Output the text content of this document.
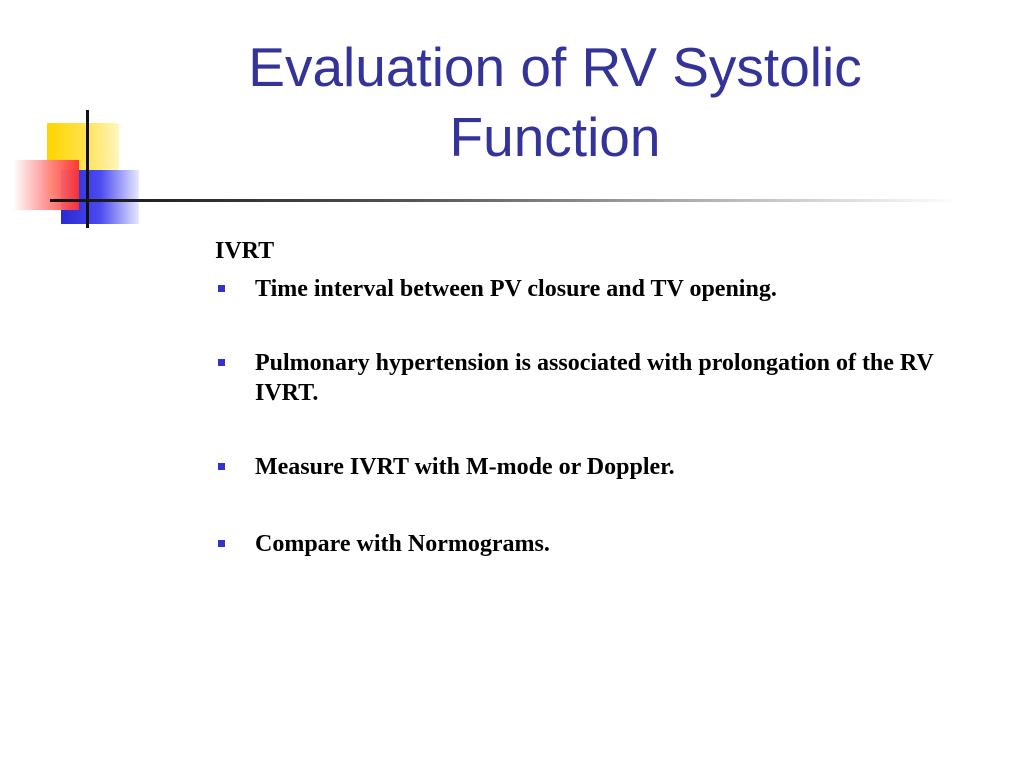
Evaluation of RV Systolic Function

IVRT

Time interval between PV closure and TV opening.
Pulmonary hypertension is associated with prolongation of the RV IVRT.
Measure IVRT with M-mode or Doppler.
Compare with Normograms.
